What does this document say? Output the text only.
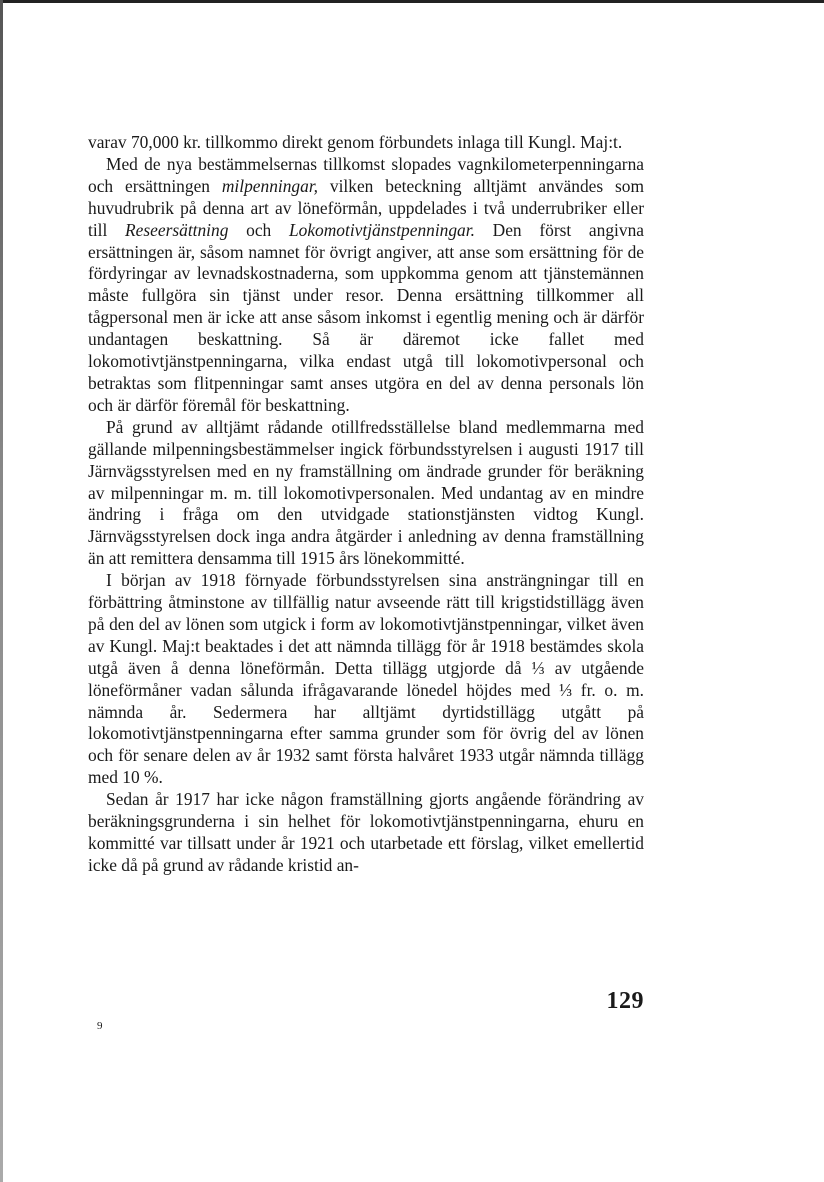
varav 70,000 kr. tillkommo direkt genom förbundets inlaga till Kungl. Maj:t.

Med de nya bestämmelsernas tillkomst slopades vagnkilometerpenningarna och ersättningen milpenningar, vilken beteckning alltjämt användes som huvudrubrik på denna art av löneförmån, uppdelades i två underrubriker eller till Reseersättning och Lokomotivtjänstpenningar. Den först angivna ersättningen är, såsom namnet för övrigt angiver, att anse som ersättning för de fördyringar av levnadskostnaderna, som uppkomma genom att tjänstemännen måste fullgöra sin tjänst under resor. Denna ersättning tillkommer all tågpersonal men är icke att anse såsom inkomst i egentlig mening och är därför undantagen beskattning. Så är däremot icke fallet med lokomotivtjänstpenningarna, vilka endast utgå till lokomotivpersonal och betraktas som flitpenningar samt anses utgöra en del av denna personals lön och är därför föremål för beskattning.

På grund av alltjämt rådande otillfredsställelse bland medlemmarna med gällande milpenningsbestämmelser ingick förbundsstyrelsen i augusti 1917 till Järnvägsstyrelsen med en ny framställning om ändrade grunder för beräkning av milpenningar m. m. till lokomotivpersonalen. Med undantag av en mindre ändring i fråga om den utvidgade stationstjänsten vidtog Kungl. Järnvägsstyrelsen dock inga andra åtgärder i anledning av denna framställning än att remittera densamma till 1915 års lönekommitté.

I början av 1918 förnyade förbundsstyrelsen sina ansträngningar till en förbättring åtminstone av tillfällig natur avseende rätt till krigstidstillägg även på den del av lönen som utgick i form av lokomotivtjänstpenningar, vilket även av Kungl. Maj:t beaktades i det att nämnda tillägg för år 1918 bestämdes skola utgå även å denna löneförmån. Detta tillägg utgjorde då ⅓ av utgående löneförmåner vadan sålunda ifrågavarande lönedel höjdes med ⅓ fr. o. m. nämnda år. Sedermera har alltjämt dyrtidstillägg utgått på lokomotivtjänstpenningarna efter samma grunder som för övrig del av lönen och för senare delen av år 1932 samt första halvåret 1933 utgår nämnda tillägg med 10 %.

Sedan år 1917 har icke någon framställning gjorts angående förändring av beräkningsgrunderna i sin helhet för lokomotivtjänstpenningarna, ehuru en kommitté var tillsatt under år 1921 och utarbetade ett förslag, vilket emellertid icke då på grund av rådande kristid an-

129
9
